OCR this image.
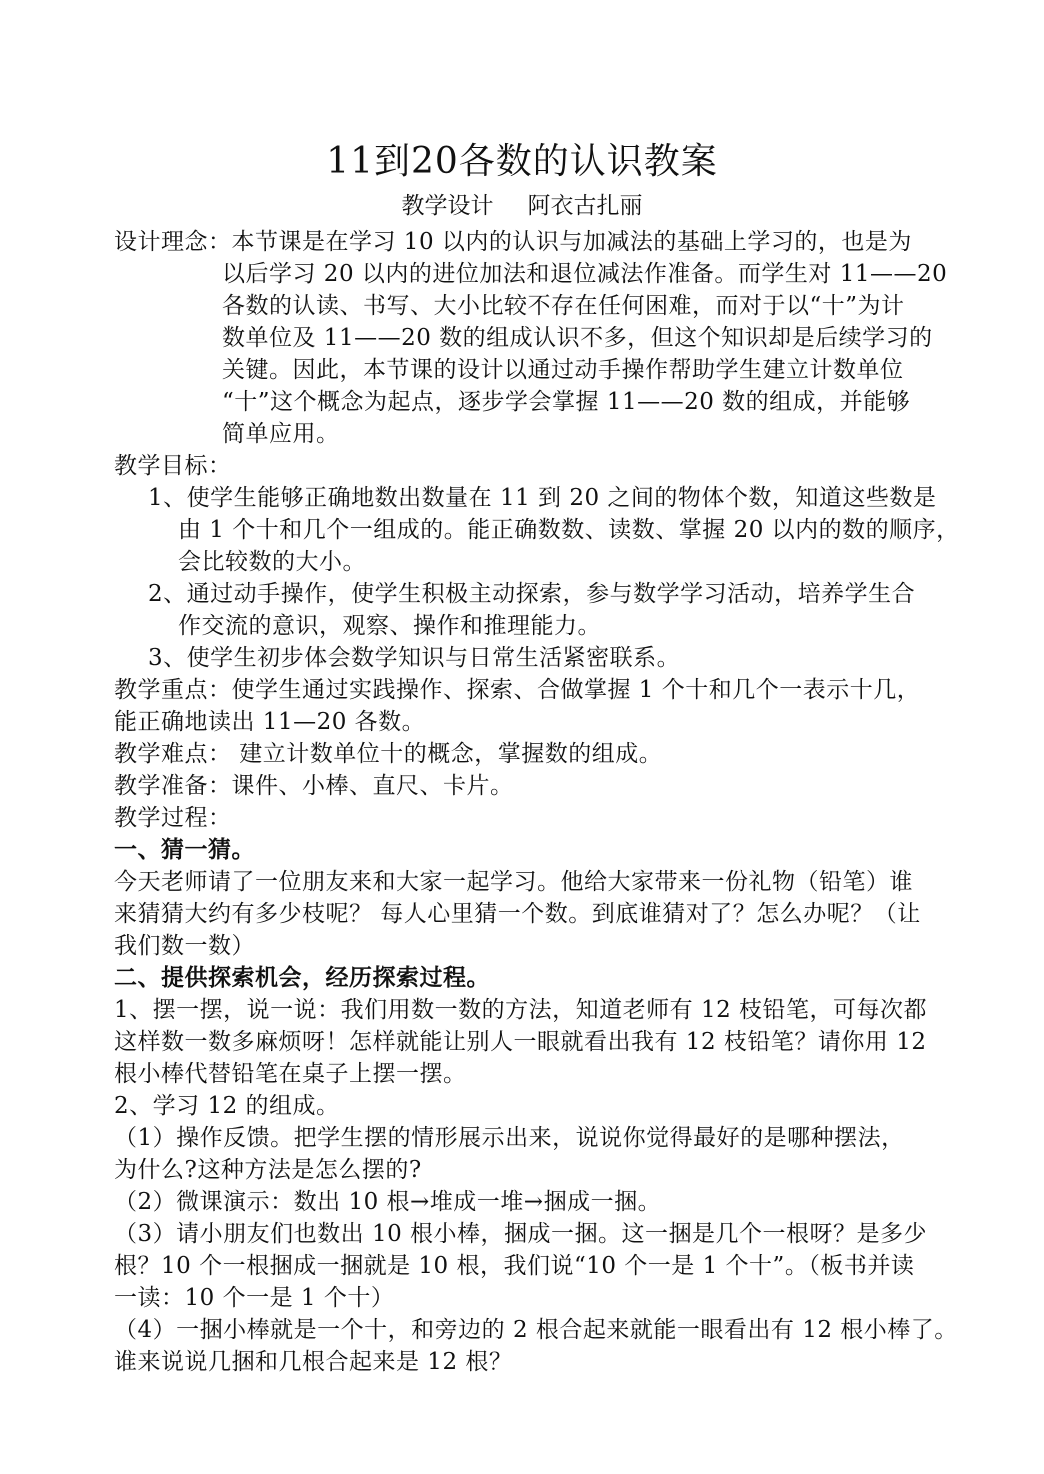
11到20各数的认识教案
教学设计 阿衣古扎丽
设计理念：本节课是在学习 10 以内的认识与加减法的基础上学习的，也是为
以后学习 20 以内的进位加法和退位减法作准备。而学生对 11——20
各数的认读、书写、大小比较不存在任何困难，而对于以“十”为计
数单位及 11——20 数的组成认识不多，但这个知识却是后续学习的
关键。因此，本节课的设计以通过动手操作帮助学生建立计数单位
“十”这个概念为起点，逐步学会掌握 11——20 数的组成，并能够
简单应用。
教学目标：
1、使学生能够正确地数出数量在 11 到 20 之间的物体个数，知道这些数是
由 1 个十和几个一组成的。能正确数数、读数、掌握 20 以内的数的顺序，
会比较数的大小。
2、通过动手操作，使学生积极主动探索，参与数学学习活动，培养学生合
作交流的意识，观察、操作和推理能力。
3、使学生初步体会数学知识与日常生活紧密联系。
教学重点：使学生通过实践操作、探索、合做掌握 1 个十和几个一表示十几，
能正确地读出 11—20 各数。
教学难点： 建立计数单位十的概念，掌握数的组成。
教学准备：课件、小棒、直尺、卡片。
教学过程：
一、猜一猜。
今天老师请了一位朋友来和大家一起学习。他给大家带来一份礼物（铅笔）谁
来猜猜大约有多少枝呢？ 每人心里猜一个数。到底谁猜对了？怎么办呢？（让
我们数一数）
二、提供探索机会，经历探索过程。
1、摆一摆，说一说：我们用数一数的方法，知道老师有 12 枝铅笔，可每次都
这样数一数多麻烦呀！怎样就能让别人一眼就看出我有 12 枝铅笔？请你用 12
根小棒代替铅笔在桌子上摆一摆。
2、学习 12 的组成。
（1）操作反馈。把学生摆的情形展示出来，说说你觉得最好的是哪种摆法，
为什么?这种方法是怎么摆的?
（2）微课演示：数出 10 根→堆成一堆→捆成一捆。
（3）请小朋友们也数出 10 根小棒，捆成一捆。这一捆是几个一根呀？是多少
根？10 个一根捆成一捆就是 10 根，我们说“10 个一是 1 个十”。（板书并读
一读：10 个一是 1 个十）
（4）一捆小棒就是一个十，和旁边的 2 根合起来就能一眼看出有 12 根小棒了。
谁来说说几捆和几根合起来是 12 根？
